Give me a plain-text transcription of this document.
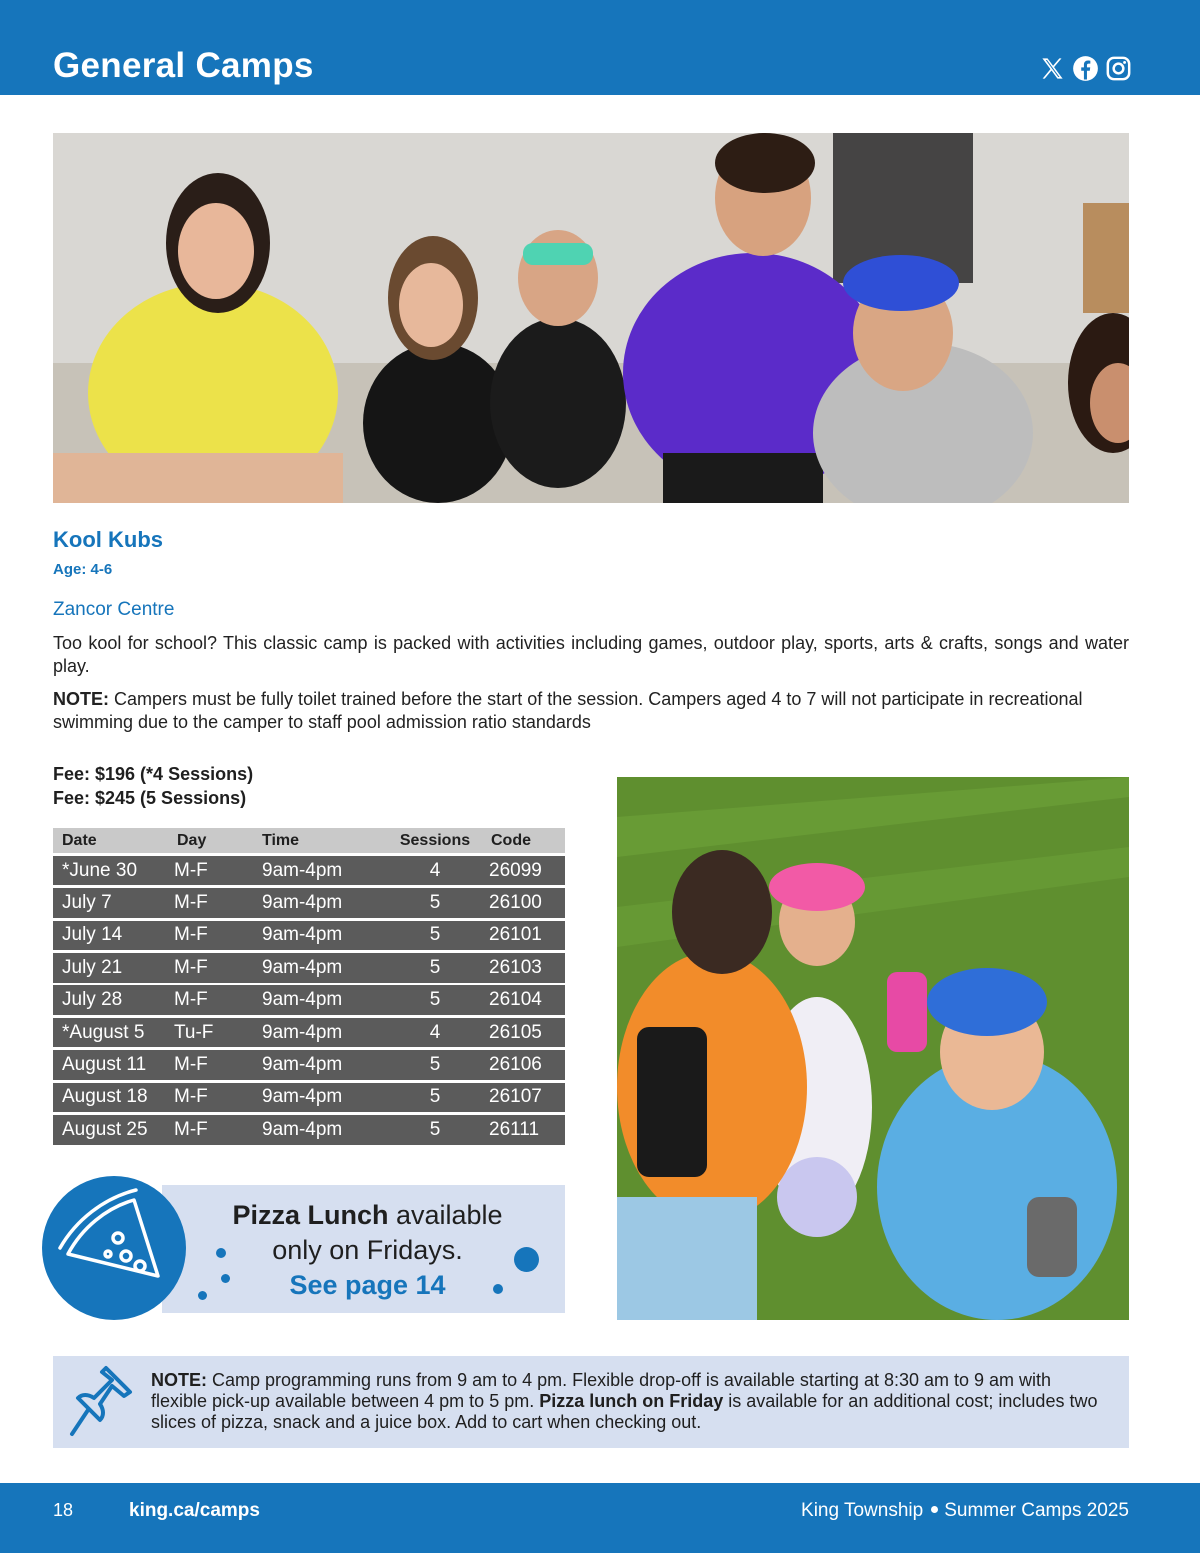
General Camps
Kool Kubs
Age: 4-6
Zancor Centre
Too kool for school? This classic camp is packed with activities including games, outdoor play, sports, arts & crafts, songs and water play.
NOTE: Campers must be fully toilet trained before the start of the session. Campers aged 4 to 7 will not participate in recreational swimming due to the camper to staff pool admission ratio standards
Fee: $196 (*4 Sessions)
Fee: $245 (5 Sessions)
Date	Day	Time	Sessions	Code
*June 30	M-F	9am-4pm	4	26099
July 7	M-F	9am-4pm	5	26100
July 14	M-F	9am-4pm	5	26101
July 21	M-F	9am-4pm	5	26103
July 28	M-F	9am-4pm	5	26104
*August 5	Tu-F	9am-4pm	4	26105
August 11	M-F	9am-4pm	5	26106
August 18	M-F	9am-4pm	5	26107
August 25	M-F	9am-4pm	5	26111
Pizza Lunch available
only on Fridays.
See page 14
NOTE: Camp programming runs from 9 am to 4 pm. Flexible drop-off is available starting at 8:30 am to 9 am with flexible pick-up available between 4 pm to 5 pm. Pizza lunch on Friday is available for an additional cost; includes two slices of pizza, snack and a juice box. Add to cart when checking out.
18	king.ca/camps	King Township Summer Camps 2025
